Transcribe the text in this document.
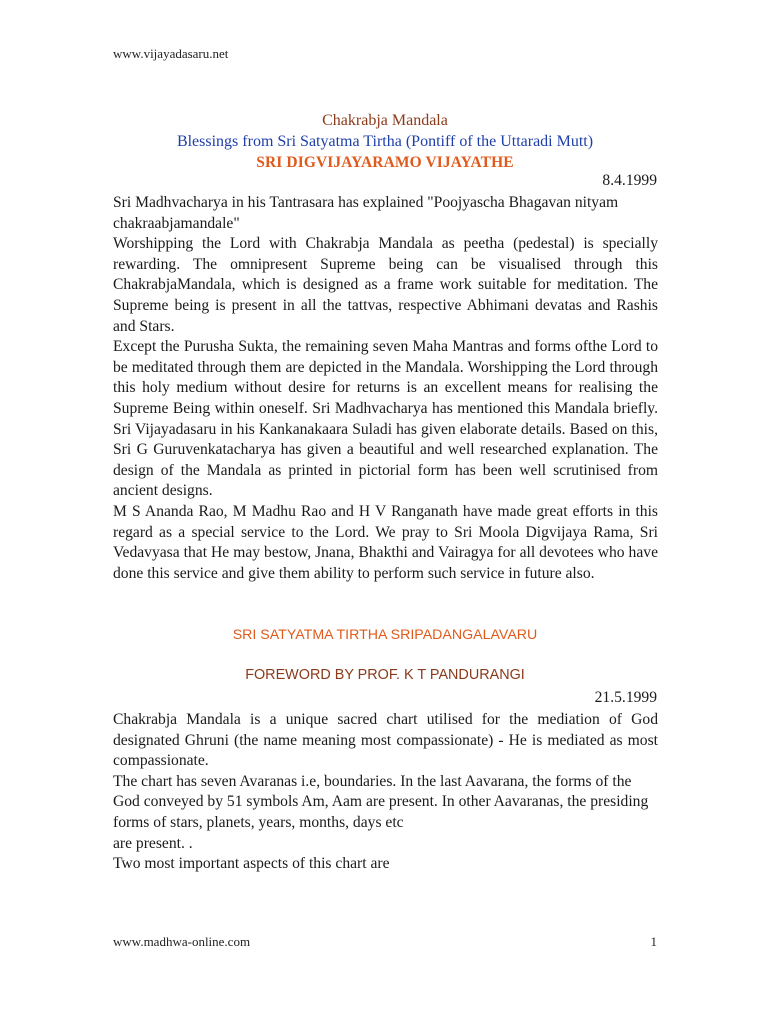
www.vijayadasaru.net
Chakrabja Mandala
Blessings from Sri Satyatma Tirtha (Pontiff of the Uttaradi Mutt)
SRI DIGVIJAYARAMO VIJAYATHE
8.4.1999

Sri Madhvacharya in his Tantrasara has explained "Poojyascha Bhagavan nityam chakraabjamandale"

Worshipping the Lord with Chakrabja Mandala as peetha (pedestal) is specially rewarding. The omnipresent Supreme being can be visualised through this ChakrabjaMandala, which is designed as a frame work suitable for meditation. The Supreme being is present in all the tattvas, respective Abhimani devatas and Rashis and Stars.

Except the Purusha Sukta, the remaining seven Maha Mantras and forms ofthe Lord to be meditated through them are depicted in the Mandala. Worshipping the Lord through this holy medium without desire for returns is an excellent means for realising the Supreme Being within oneself. Sri Madhvacharya has mentioned this Mandala briefly. Sri Vijayadasaru in his Kankanakaara Suladi has given elaborate details. Based on this, Sri G Guruvenkatacharya has given a beautiful and well researched explanation. The design of the Mandala as printed in pictorial form has been well scrutinised from ancient designs.

M S Ananda Rao, M Madhu Rao and H V Ranganath have made great efforts in this regard as a special service to the Lord. We pray to Sri Moola Digvijaya Rama, Sri Vedavyasa that He may bestow, Jnana, Bhakthi and Vairagya for all devotees who have done this service and give them ability to perform such service in future also.

SRI SATYATMA TIRTHA SRIPADANGALAVARU
FOREWORD BY PROF. K T PANDURANGI
21.5.1999

Chakrabja Mandala is a unique sacred chart utilised for the mediation of God designated Ghruni (the name meaning most compassionate) - He is mediated as most compassionate.

The chart has seven Avaranas i.e, boundaries. In the last Aavarana, the forms of the God conveyed by 51 symbols Am, Aam are present. In other Aavaranas, the presiding forms of stars, planets, years, months, days etc

are present. .

Two most important aspects of this chart are

www.madhwa-online.com	1
